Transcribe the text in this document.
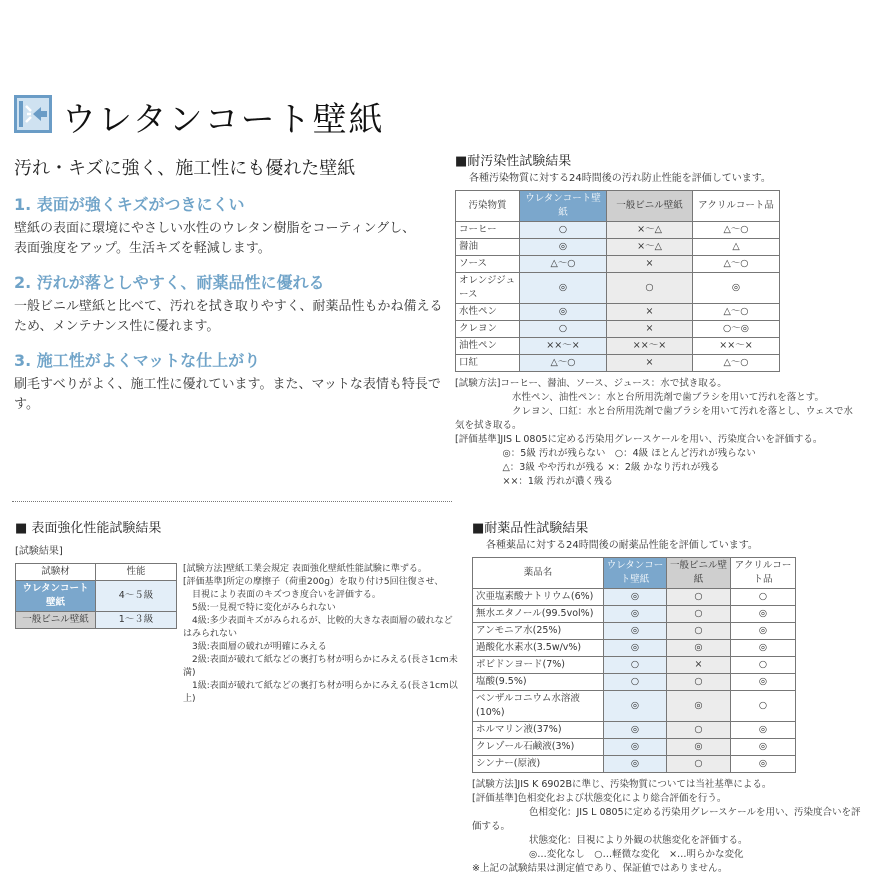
ウレタンコート壁紙
汚れ・キズに強く、施工性にも優れた壁紙
1. 表面が強くキズがつきにくい
壁紙の表面に環境にやさしい水性のウレタン樹脂をコーティングし、
表面強度をアップ。生活キズを軽減します。
2. 汚れが落としやすく、耐薬品性に優れる
一般ビニル壁紙と比べて、汚れを拭き取りやすく、耐薬品性もかね備える
ため、メンテナンス性に優れます。
3. 施工性がよくマットな仕上がり
刷毛すべりがよく、施工性に優れています。また、マットな表情も特長です。
■耐汚染性試験結果
各種汚染物質に対する24時間後の汚れ防止性能を評価しています。
汚染物質	ウレタンコート壁紙	一般ビニル壁紙	アクリルコート品
コーヒー	○	×～△	△～○
醤油	◎	×～△	△
ソース	△～○	×	△～○
オレンジジュース	◎	○	◎
水性ペン	◎	×	△～○
クレヨン	○	×	○～◎
油性ペン	××～×	××～×	××～×
口紅	△～○	×	△～○
[試験方法]コーヒー、醤油、ソース、ジュース：水で拭き取る。
　　　　　　水性ペン、油性ペン：水と台所用洗剤で歯ブラシを用いて汚れを落とす。
　　　　　　クレヨン、口紅：水と台所用洗剤で歯ブラシを用いて汚れを落とし、ウェスで水気を拭き取る。
[評価基準]JIS L 0805に定める汚染用グレースケールを用い、汚染度合いを評価する。
　　　　　◎：5級 汚れが残らない　○：4級 ほとんど汚れが残らない
　　　　　△：3級 やや汚れが残る ×：2級 かなり汚れが残る
　　　　　××：1級 汚れが濃く残る
■ 表面強化性能試験結果
[試験結果]
試験材	性能
ウレタンコート壁紙	4～５級
一般ビニル壁紙	1～３級
[試験方法]壁紙工業会規定 表面強化壁紙性能試験に準ずる。
[評価基準]所定の摩擦子（荷重200g）を取り付け5回往復させ、
　目視により表面のキズつき度合いを評価する。
　5級:一見視で特に変化がみられない
　4級:多少表面キズがみられるが、比較的大きな表面層の破れなどはみられない
　3級:表面層の破れが明確にみえる
　2級:表面が破れて紙などの裏打ち材が明らかにみえる(長さ1cm未満)
　1級:表面が破れて紙などの裏打ち材が明らかにみえる(長さ1cm以上)
■耐薬品性試験結果
各種薬品に対する24時間後の耐薬品性能を評価しています。
薬品名	ウレタンコート壁紙	一般ビニル壁紙	アクリルコート品
次亜塩素酸ナトリウム(6%)	◎	○	○
無水エタノール(99.5vol%)	◎	○	◎
アンモニア水(25%)	◎	○	◎
過酸化水素水(3.5w/v%)	◎	◎	◎
ポビドンヨード(7%)	○	×	○
塩酸(9.5%)	○	○	◎
ベンザルコニウム水溶液(10%)	◎	◎	○
ホルマリン液(37%)	◎	○	◎
クレゾール石鹸液(3%)	◎	◎	◎
シンナー(原液)	◎	○	◎
[試験方法]JIS K 6902Bに準じ、汚染物質については当社基準による。
[評価基準]色相変化および状態変化により総合評価を行う。
　　　　　　色相変化：JIS L 0805に定める汚染用グレースケールを用い、汚染度合いを評価する。
　　　　　　状態変化：目視により外観の状態変化を評価する。
　　　　　　◎…変化なし　○…軽微な変化　×…明らかな変化
※上記の試験結果は測定値であり、保証値ではありません。
